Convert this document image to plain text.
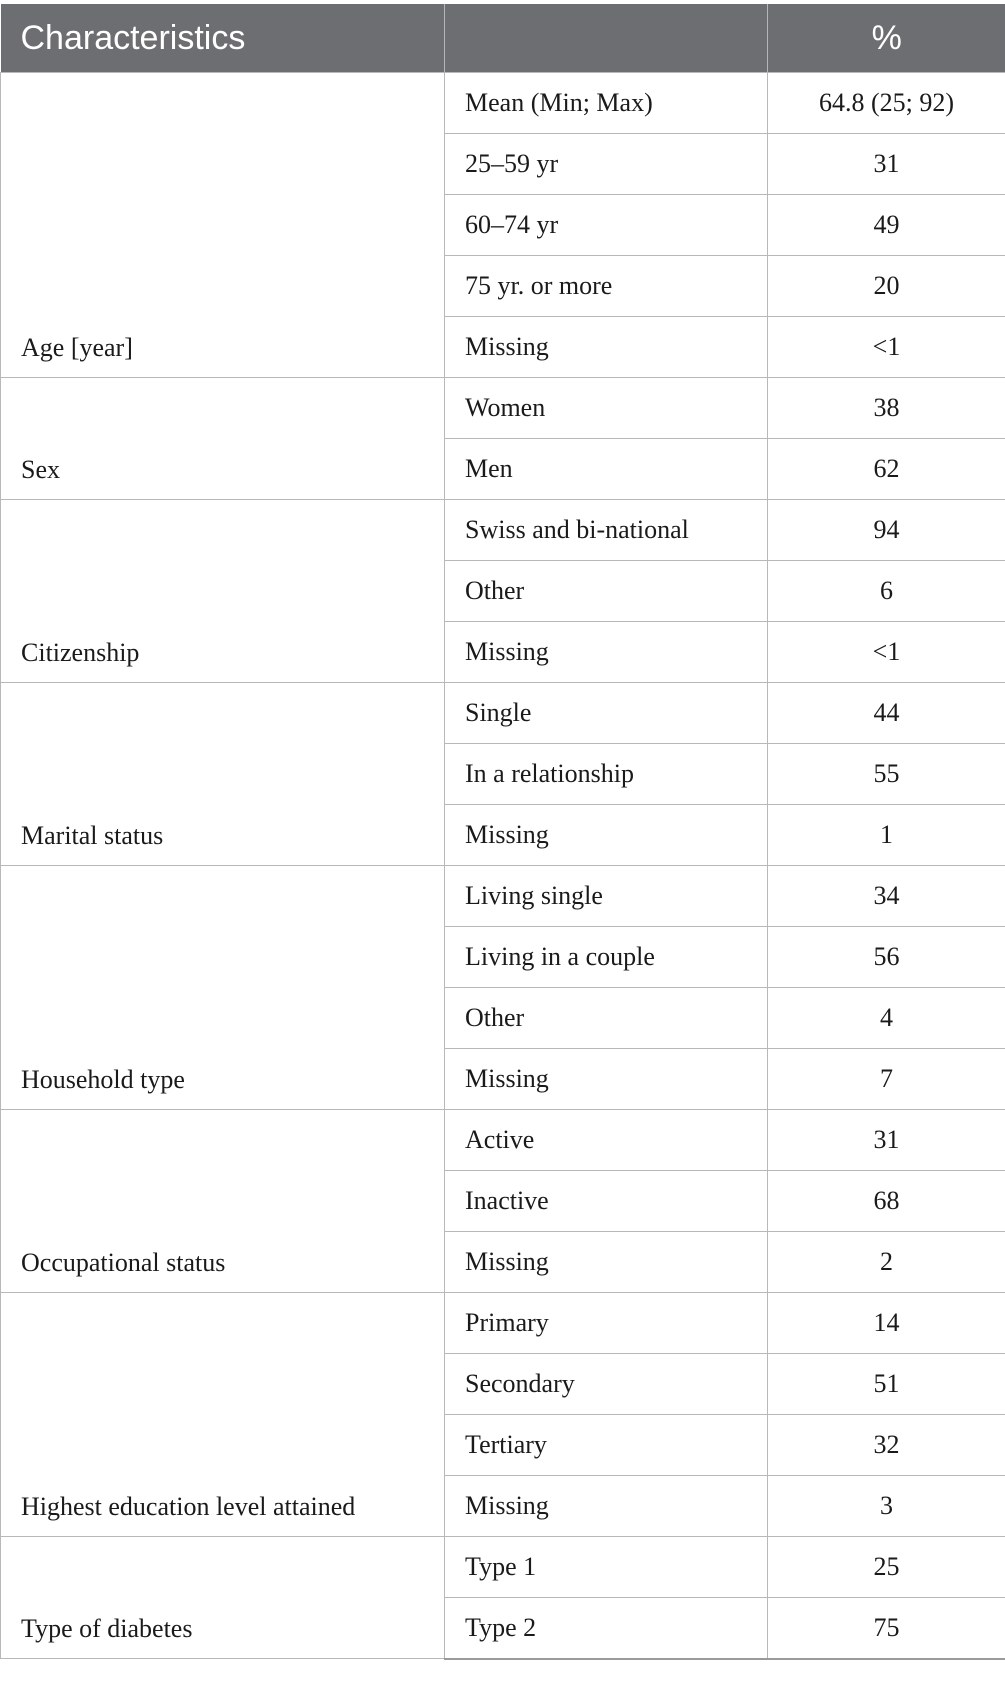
Characteristics		%
Age [year]	Mean (Min; Max)	64.8 (25; 92)
	25–59 yr	31
	60–74 yr	49
	75 yr. or more	20
	Missing	<1
Sex	Women	38
	Men	62
Citizenship	Swiss and bi-national	94
	Other	6
	Missing	<1
Marital status	Single	44
	In a relationship	55
	Missing	1
Household type	Living single	34
	Living in a couple	56
	Other	4
	Missing	7
Occupational status	Active	31
	Inactive	68
	Missing	2
Highest education level attained	Primary	14
	Secondary	51
	Tertiary	32
	Missing	3
Type of diabetes	Type 1	25
	Type 2	75
